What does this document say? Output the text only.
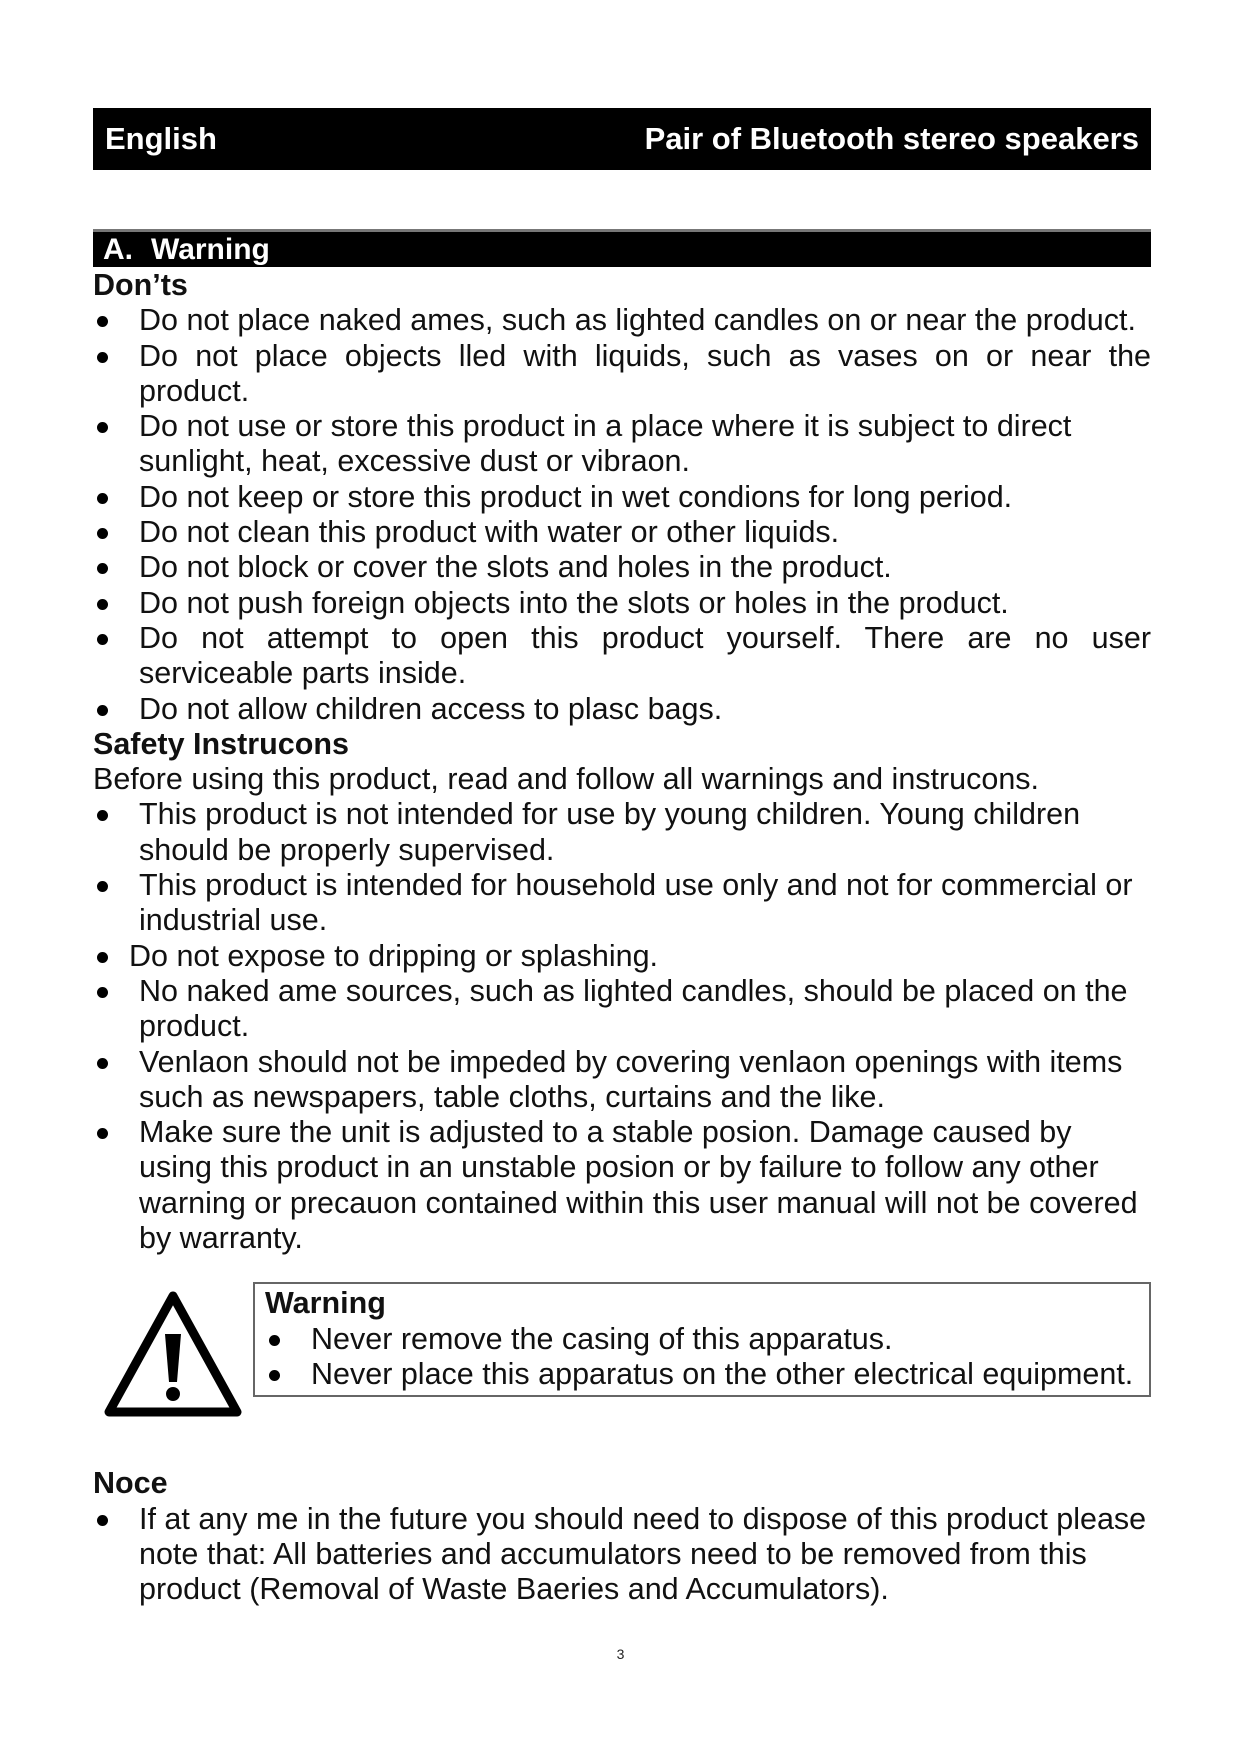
English	Pair of Bluetooth stereo speakers
A. Warning
Don’ts
Do not place naked ames, such as lighted candles on or near the product.
Do not place objects lled with liquids, such as vases on or near the product.
Do not use or store this product in a place where it is subject to direct sunlight, heat, excessive dust or vibraon.
Do not keep or store this product in wet condions for long period.
Do not clean this product with water or other liquids.
Do not block or cover the slots and holes in the product.
Do not push foreign objects into the slots or holes in the product.
Do not attempt to open this product yourself. There are no user serviceable parts inside.
Do not allow children access to plasc bags.
Safety Instrucons
Before using this product, read and follow all warnings and instrucons.
This product is not intended for use by young children. Young children should be properly supervised.
This product is intended for household use only and not for commercial or industrial use.
Do not expose to dripping or splashing.
No naked ame sources, such as lighted candles, should be placed on the product.
Venlaon should not be impeded by covering venlaon openings with items such as newspapers, table cloths, curtains and the like.
Make sure the unit is adjusted to a stable posion. Damage caused by using this product in an unstable posion or by failure to follow any other warning or precauon contained within this user manual will not be covered by warranty.
Warning
Never remove the casing of this apparatus.
Never place this apparatus on the other electrical equipment.
Noce
If at any me in the future you should need to dispose of this product please note that: All batteries and accumulators need to be removed from this product (Removal of Waste Baeries and Accumulators).
3
